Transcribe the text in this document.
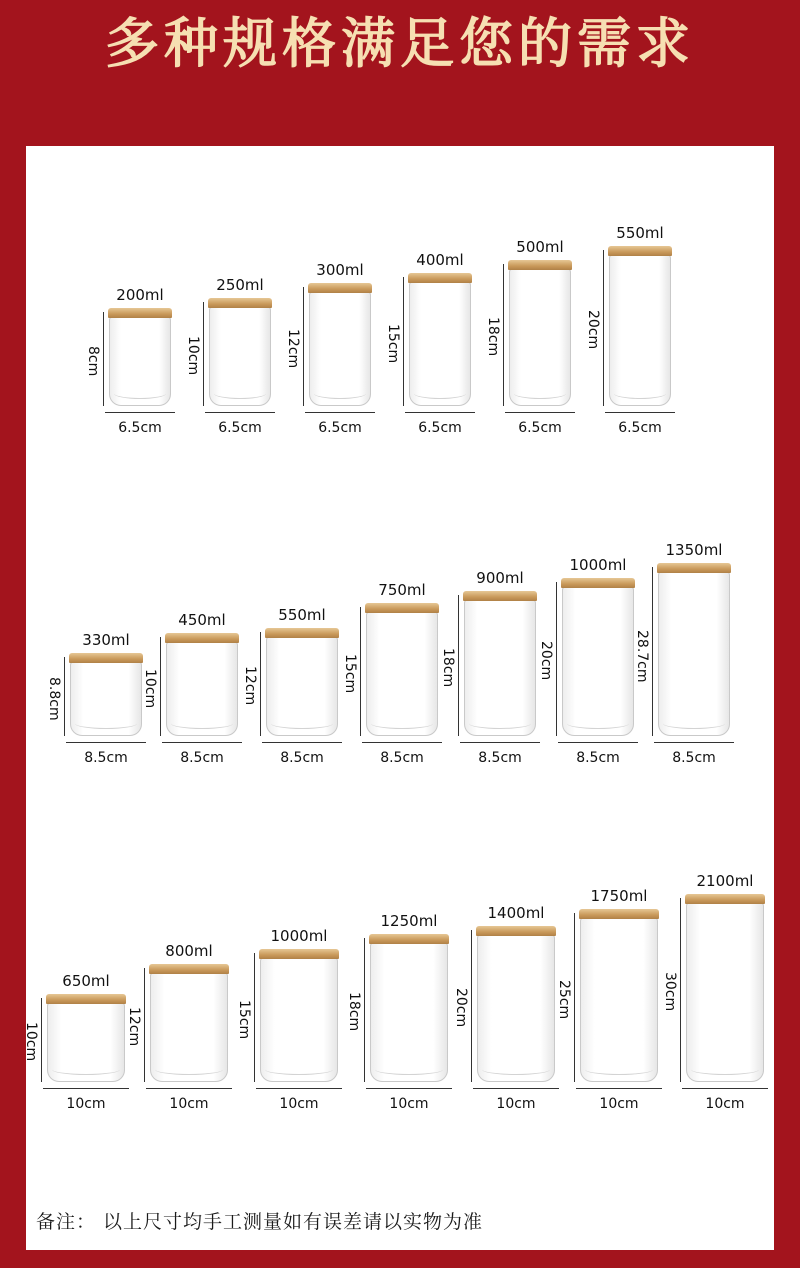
多种规格满足您的需求
200ml
8cm
6.5cm
250ml
10cm
6.5cm
300ml
12cm
6.5cm
400ml
15cm
6.5cm
500ml
18cm
6.5cm
550ml
20cm
6.5cm
330ml
8.8cm
8.5cm
450ml
10cm
8.5cm
550ml
12cm
8.5cm
750ml
15cm
8.5cm
900ml
18cm
8.5cm
1000ml
20cm
8.5cm
1350ml
28.7cm
8.5cm
650ml
10cm
10cm
800ml
12cm
10cm
1000ml
15cm
10cm
1250ml
18cm
10cm
1400ml
20cm
10cm
1750ml
25cm
10cm
2100ml
30cm
10cm
备注： 以上尺寸均手工测量如有误差请以实物为准
